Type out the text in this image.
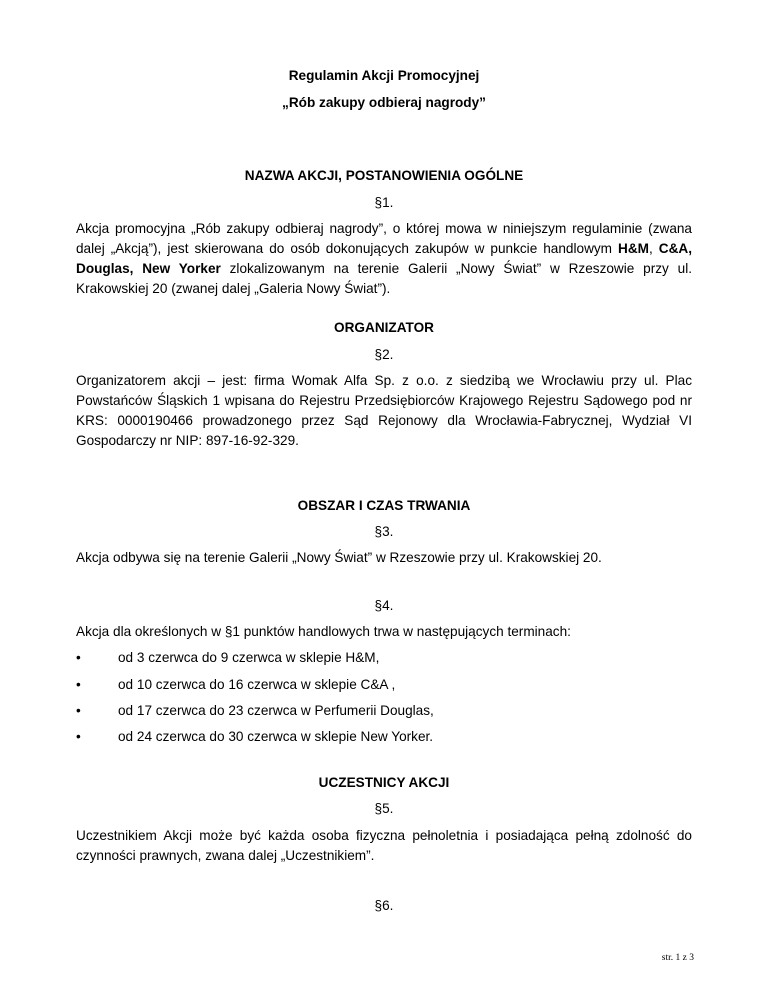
Regulamin Akcji Promocyjnej
„Rób zakupy odbieraj nagrody”
NAZWA AKCJI, POSTANOWIENIA OGÓLNE
§1.
Akcja promocyjna „Rób zakupy odbieraj nagrody”, o której mowa w niniejszym regulaminie (zwana dalej „Akcją”), jest skierowana do osób dokonujących zakupów w punkcie handlowym H&M, C&A, Douglas, New Yorker zlokalizowanym na terenie Galerii „Nowy Świat” w Rzeszowie przy ul. Krakowskiej 20 (zwanej dalej „Galeria Nowy Świat”).
ORGANIZATOR
§2.
Organizatorem akcji – jest: firma Womak Alfa Sp. z o.o. z siedzibą we Wrocławiu przy ul. Plac Powstańców Śląskich 1 wpisana do Rejestru Przedsiębiorców Krajowego Rejestru Sądowego pod nr KRS: 0000190466 prowadzonego przez Sąd Rejonowy dla Wrocławia-Fabrycznej, Wydział VI Gospodarczy nr NIP: 897-16-92-329.
OBSZAR I CZAS TRWANIA
§3.
Akcja odbywa się na terenie Galerii „Nowy Świat” w Rzeszowie przy ul. Krakowskiej 20.
§4.
Akcja dla określonych w §1 punktów handlowych trwa w następujących terminach:
•	od 3 czerwca do 9 czerwca w sklepie H&M,
•	od 10 czerwca do 16 czerwca w sklepie C&A ,
•	od 17 czerwca do 23 czerwca w Perfumerii Douglas,
•	od 24 czerwca do 30 czerwca w sklepie New Yorker.
UCZESTNICY AKCJI
§5.
Uczestnikiem Akcji może być każda osoba fizyczna pełnoletnia i posiadająca pełną zdolność do czynności prawnych, zwana dalej „Uczestnikiem”.
§6.
str. 1 z 3
